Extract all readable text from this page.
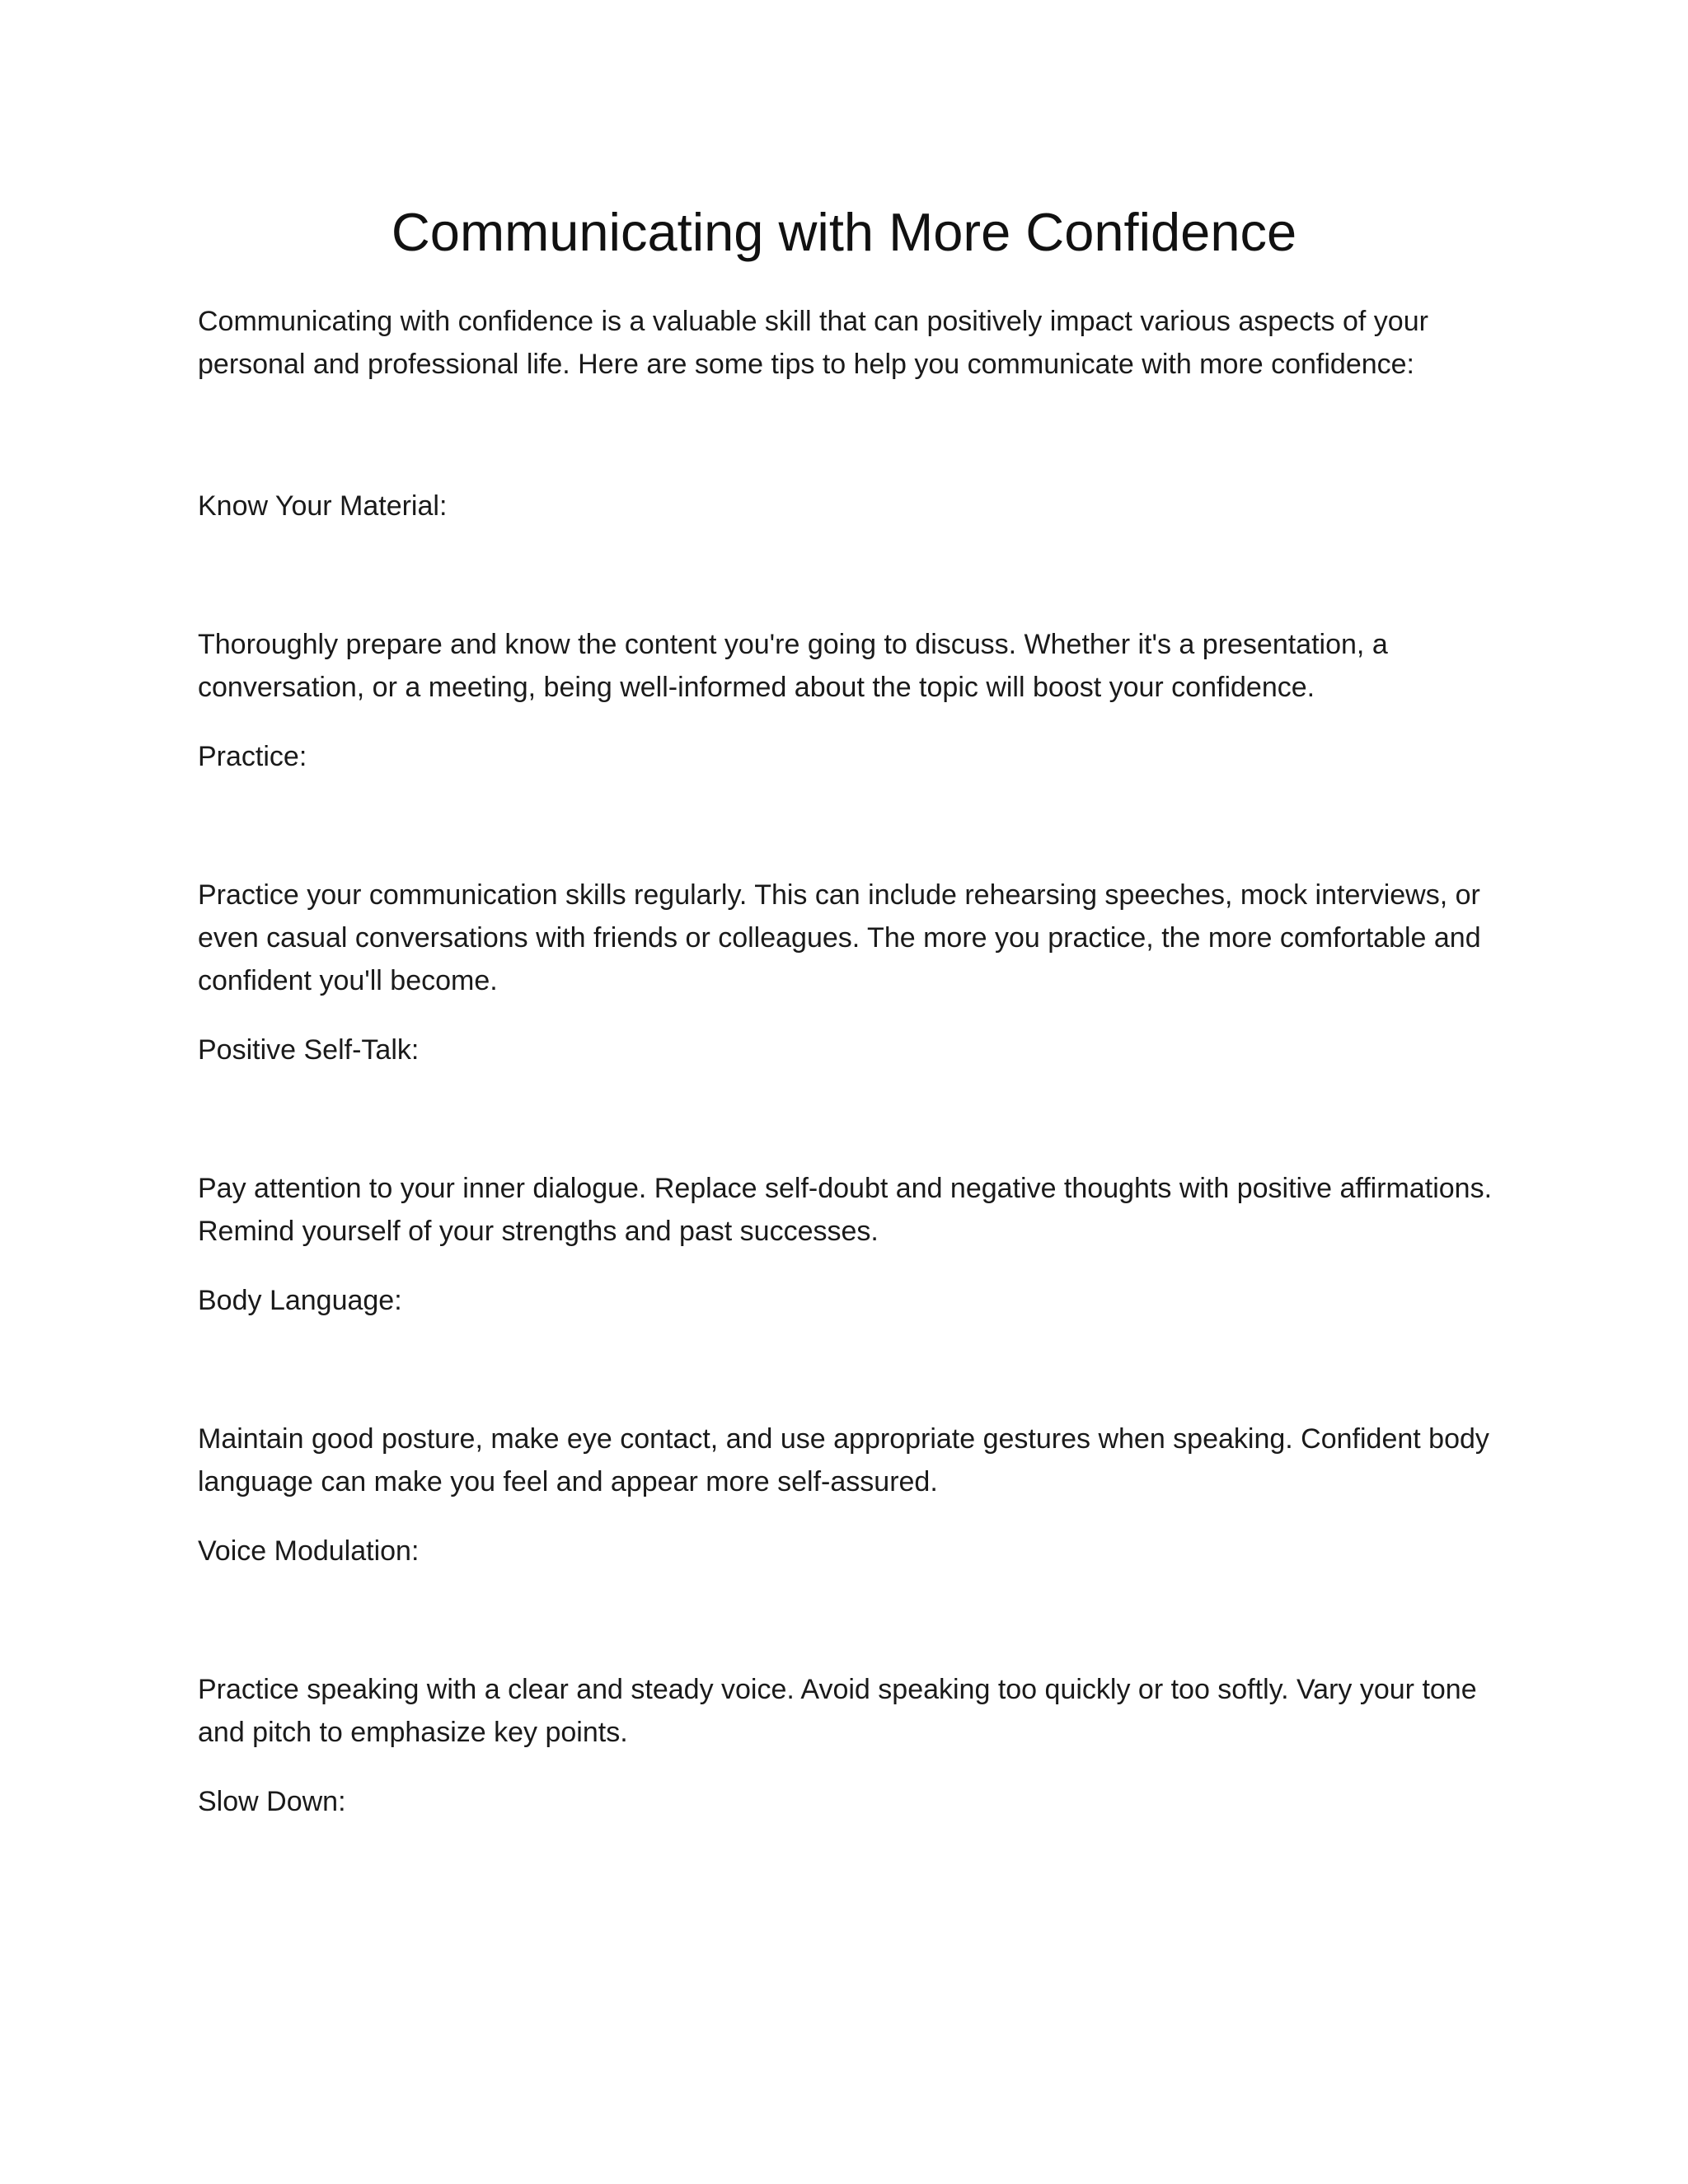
Communicating with More Confidence

Communicating with confidence is a valuable skill that can positively impact various aspects of your personal and professional life. Here are some tips to help you communicate with more confidence:

Know Your Material:

Thoroughly prepare and know the content you're going to discuss. Whether it's a presentation, a conversation, or a meeting, being well-informed about the topic will boost your confidence.

Practice:

Practice your communication skills regularly. This can include rehearsing speeches, mock interviews, or even casual conversations with friends or colleagues. The more you practice, the more comfortable and confident you'll become.

Positive Self-Talk:

Pay attention to your inner dialogue. Replace self-doubt and negative thoughts with positive affirmations. Remind yourself of your strengths and past successes.

Body Language:

Maintain good posture, make eye contact, and use appropriate gestures when speaking. Confident body language can make you feel and appear more self-assured.

Voice Modulation:

Practice speaking with a clear and steady voice. Avoid speaking too quickly or too softly. Vary your tone and pitch to emphasize key points.

Slow Down:
